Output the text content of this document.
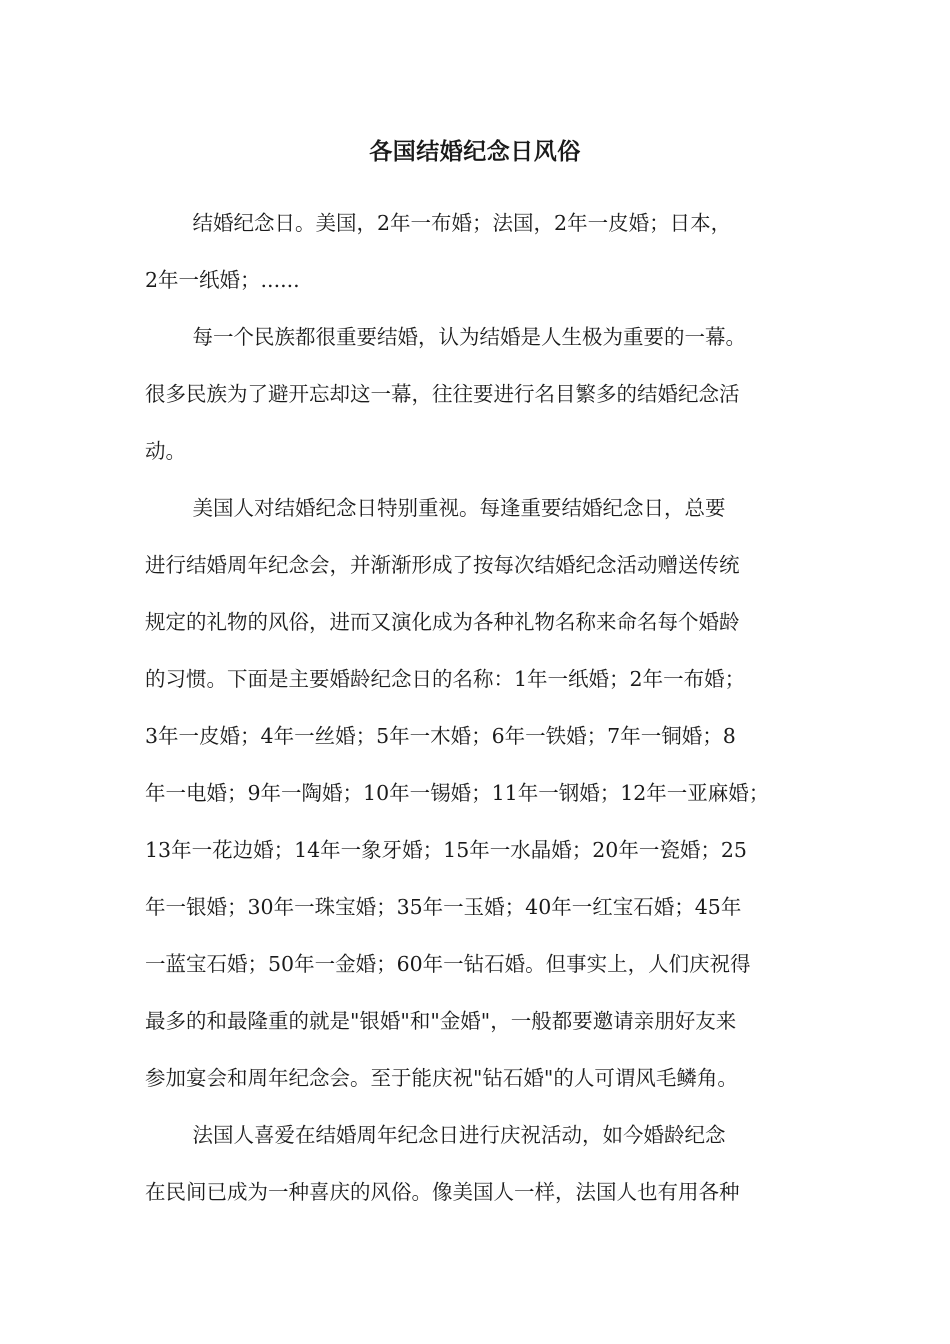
各国结婚纪念日风俗
　　 结婚纪念日。美国，2年一布婚；法国，2年一皮婚；日本，
2年一纸婚；......
　　 每一个民族都很重要结婚，认为结婚是人生极为重要的一幕。
很多民族为了避开忘却这一幕，往往要进行名目繁多的结婚纪念活
动。
　　 美国人对结婚纪念日特别重视。每逢重要结婚纪念日，总要
进行结婚周年纪念会，并渐渐形成了按每次结婚纪念活动赠送传统
规定的礼物的风俗，进而又演化成为各种礼物名称来命名每个婚龄
的习惯。下面是主要婚龄纪念日的名称：1年一纸婚；2年一布婚；
3年一皮婚；4年一丝婚；5年一木婚；6年一铁婚；7年一铜婚；8
年一电婚；9年一陶婚；10年一锡婚；11年一钢婚；12年一亚麻婚；
13年一花边婚；14年一象牙婚；15年一水晶婚；20年一瓷婚；25
年一银婚；30年一珠宝婚；35年一玉婚；40年一红宝石婚；45年
一蓝宝石婚；50年一金婚；60年一钻石婚。但事实上，人们庆祝得
最多的和最隆重的就是"银婚"和"金婚"，一般都要邀请亲朋好友来
参加宴会和周年纪念会。至于能庆祝"钻石婚"的人可谓风毛鳞角。
　　 法国人喜爱在结婚周年纪念日进行庆祝活动，如今婚龄纪念
在民间已成为一种喜庆的风俗。像美国人一样，法国人也有用各种
